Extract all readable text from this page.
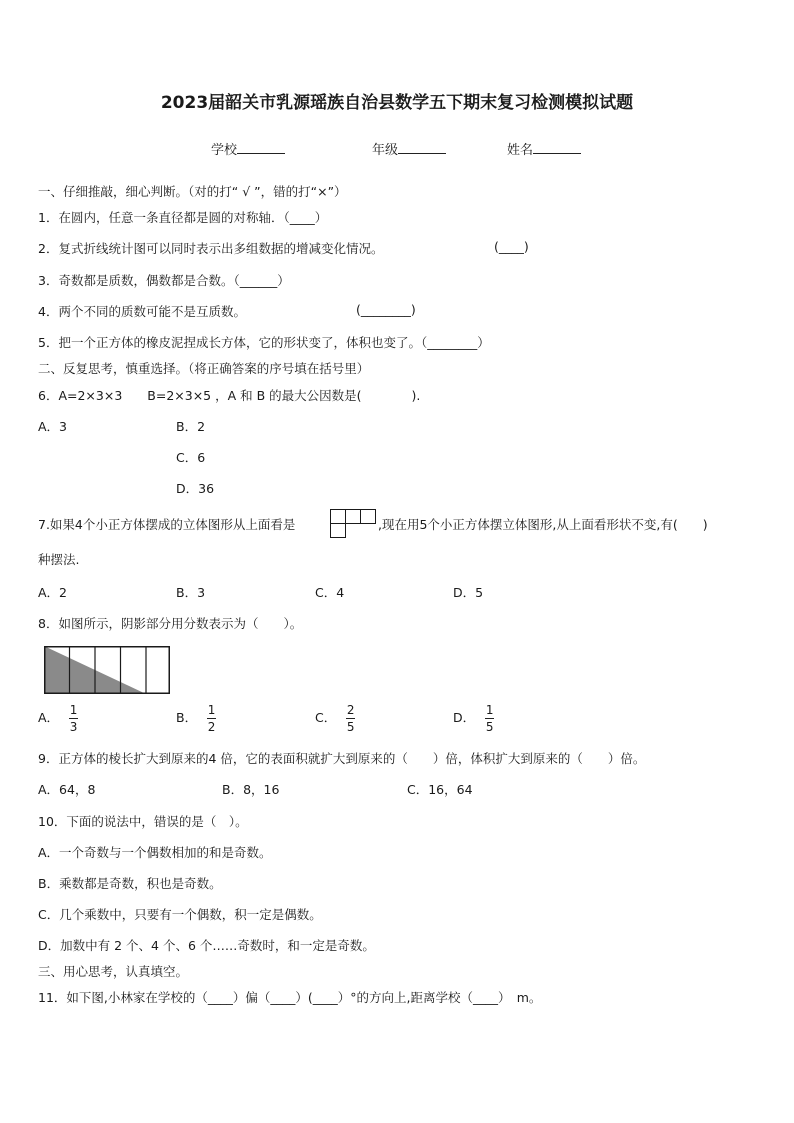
2023届韶关市乳源瑶族自治县数学五下期末复习检测模拟试题
学校	年级	姓名
一、仔细推敲，细心判断。（对的打“ √ ”，错的打“×”）
1．在圆内，任意一条直径都是圆的对称轴．（____）
2．复式折线统计图可以同时表示出多组数据的增减变化情况。	(____)
3．奇数都是质数，偶数都是合数。（______）
4．两个不同的质数可能不是互质数。	(________)
5．把一个正方体的橡皮泥捏成长方体，它的形状变了，体积也变了。（________）
二、反复思考，慎重选择。（将正确答案的序号填在括号里）
6．A=2×3×3　　B=2×3×5 ，A 和 B 的最大公因数是(　　　　).
A．3	B．2
C．6
D．36
7.如果4个小正方体摆成的立体图形从上面看是	,现在用5个小正方体摆立体图形,从上面看形状不变,有(　　)
种摆法.
A．2	B．3	C．4	D．5
8．如图所示，阴影部分用分数表示为（　　）。
A． $\frac{1}{3}$	B． $\frac{1}{2}$	C． $\frac{2}{5}$	D． $\frac{1}{5}$
9．正方体的棱长扩大到原来的4 倍，它的表面积就扩大到原来的（　　）倍，体积扩大到原来的（　　）倍。
A．64，8	B．8，16	C．16，64
10．下面的说法中，错误的是（　）。
A．一个奇数与一个偶数相加的和是奇数。
B．乘数都是奇数，积也是奇数。
C．几个乘数中，只要有一个偶数，积一定是偶数。
D．加数中有 2 个、4 个、6 个……奇数时，和一定是奇数。
三、用心思考，认真填空。
11．如下图,小林家在学校的（____）偏（____）(____）°的方向上,距离学校（____）　m。
